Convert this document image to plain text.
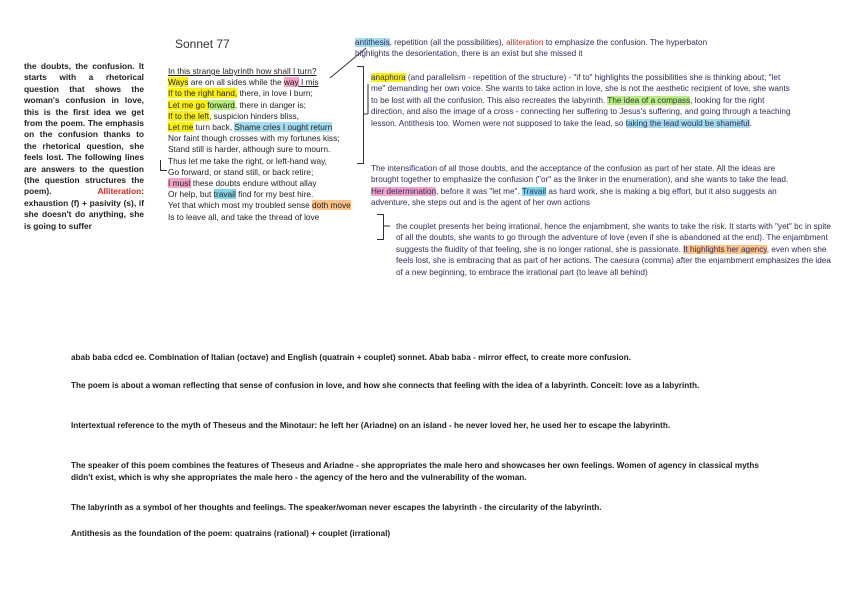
Sonnet 77
the doubts, the confusion. It starts with a rhetorical question that shows the woman's confusion in love, this is the first idea we get from the poem. The emphasis on the confusion thanks to the rhetorical question, she feels lost. The following lines are answers to the question (the question structures the poem).	Alliteration: exhaustion (f) + pasivity (s), if she doesn't do anything, she is going to suffer
In this strange labyrinth how shall I turn?
Ways are on all sides while the way I mis
If to the right hand, there, in love I burn;
Let me go forward, there in danger is;
If to the left, suspicion hinders bliss,
Let me turn back, Shame cries I ought return
Nor faint though crosses with my fortunes kiss;
Stand still is harder, although sure to mourn.
Thus let me take the right, or left-hand way,
Go forward, or stand still, or back retire;
I must these doubts endure without allay
Or help, but travail find for my best hire.
Yet that which most my troubled sense doth move
Is to leave all, and take the thread of love
antithesis, repetition (all the possibilities), alliteration to emphasize the confusion. The hyperbaton highlights the desorientation, there is an exist but she missed it
anaphora (and parallelism - repetition of the structure) - "if to" highlights the possibilities she is thinking about; "let me" demanding her own voice. She wants to take action in love, she is not the aesthetic recipient of love, she wants to be lost with all the confusion. This also recreates the labyrinth. The idea of a compass, looking for the right direction, and also the image of a cross - connecting her suffering to Jesus's suffering, and going through a teaching lesson. Antithesis too. Women were not supposed to take the lead, so taking the lead would be shameful.
The intensification of all those doubts, and the acceptance of the confusion as part of her state. All the ideas are brought together to emphasize the confusion ("or" as the linker in the enumeration), and she wants to take the lead. Her determination, before it was "let me". Travail as hard work, she is making a big effort, but it also suggests an adventure, she steps out and is the agent of her own actions
the couplet presents her being irrational, hence the enjambment, she wants to take the risk. It starts with "yet" bc in spite of all the doubts, she wants to go through the adventure of love (even if she is abandoned at the end). The enjambment suggests the fluidity of that feeling, she is no longer rational, she is passionate. It highlights her agency, even when she feels lost, she is embracing that as part of her actions. The caesura (comma) after the enjambment emphasizes the idea of a new beginning, to embrace the irrational part (to leave all behind)
abab baba cdcd ee. Combination of Italian (octave) and English (quatrain + couplet) sonnet. Abab baba - mirror effect, to create more confusion.
The poem is about a woman reflecting that sense of confusion in love, and how she connects that feeling with the idea of a labyrinth. Conceit: love as a labyrinth.
Intertextual reference to the myth of Theseus and the Minotaur: he left her (Ariadne) on an island - he never loved her, he used her to escape the labyrinth.
The speaker of this poem combines the features of Theseus and Ariadne - she appropriates the male hero and showcases her own feelings. Women of agency in classical myths didn't exist, which is why she appropriates the male hero - the agency of the hero and the vulnerability of the woman.
The labyrinth as a symbol of her thoughts and feelings. The speaker/woman never escapes the labyrinth - the circularity of the labyrinth.
Antithesis as the foundation of the poem: quatrains (rational) + couplet (irrational)
